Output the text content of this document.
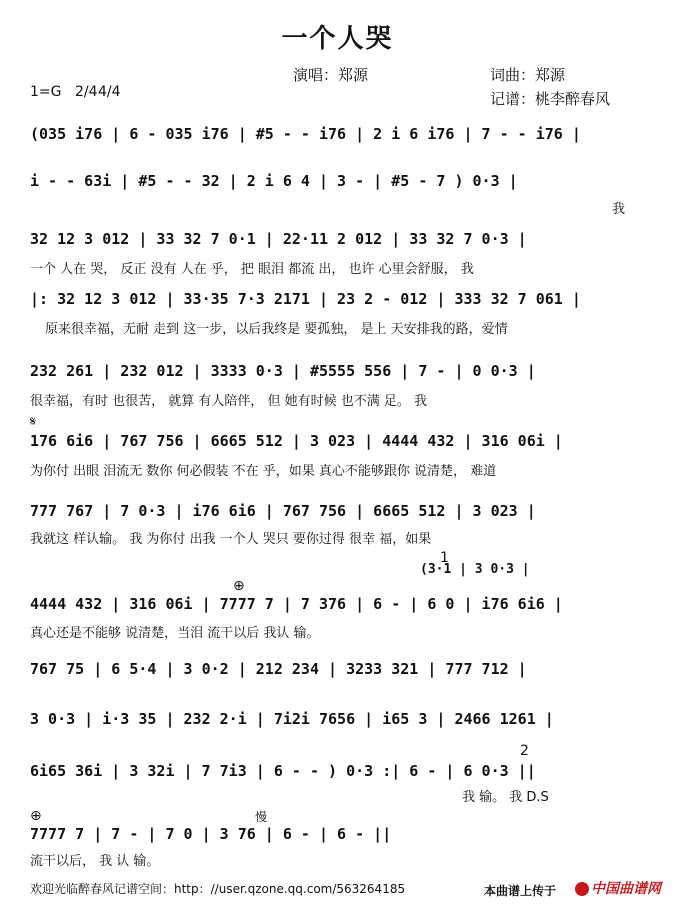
一个人哭
演唱：郑源	词曲：郑源
记谱：桃李醉春风
1=G 2/4 4/4
(035 i76 | 6 - 035 i76 | #5 - - i76 | 2 i 6 i76 | 7 - - i76 |
i - - 63i | #5 - - 32 | 2 i 6 4 | 3 - | #5 - 7 ) 0·3 |
我
32 12 3 012 | 33 32 7 0·1 | 22·11 2 012 | 33 32 7 0·3 |
一个 人在 哭， 反正 没有 人在 乎， 把 眼泪 都流 出， 也许 心里会舒服， 我
|: 32 12 3 012 | 33·35 7·3 2171 | 23 2 - 012 | 333 32 7 061 |
原来很幸福，无耐 走到 这一步，以后我终是 要孤独， 是上 天安排我的路，爱情
232 261 | 232 012 | 3333 0·3 | #5555 556 | 7 - | 0 0·3 |
很幸福，有时 也很苦， 就算 有人陪伴， 但 她有时候 也不满 足。 我
𝄋
176 6i6 | 767 756 | 6665 512 | 3 023 | 4444 432 | 316 06i |
为你付 出眼 泪流无 数你 何必假装 不在 乎，如果 真心不能够跟你 说清楚， 难道
777 767 | 7 0·3 | i76 6i6 | 767 756 | 6665 512 | 3 023 |
我就这 样认输。 我 为你付 出我 一个人 哭只 要你过得 很幸 福，如果
1
(3·1 | 3 0·3 |
⊕
4444 432 | 316 06i | 7777 7 | 7 376 | 6 - | 6 0 | i76 6i6 |
真心还是不能够 说清楚，当泪 流干以后 我认 输。
767 75 | 6 5·4 | 3 0·2 | 212 234 | 3233 321 | 777 712 |
3 0·3 | i·3 35 | 232 2·i | 7i2i 7656 | i65 3 | 2466 1261 |
2
6i65 36i | 3 32i | 7 7i3 | 6 - - ) 0·3 :| 6 - | 6 0·3 ||
我 输。 我 D.S
⊕	慢
7777 7 | 7 - | 7 0 | 3 76 | 6 - | 6 - ||
流干以后， 我 认 输。
欢迎光临醉春风记谱空间：http：//user.qzone.qq.com/563264185	本曲谱上传于	中国曲谱网
